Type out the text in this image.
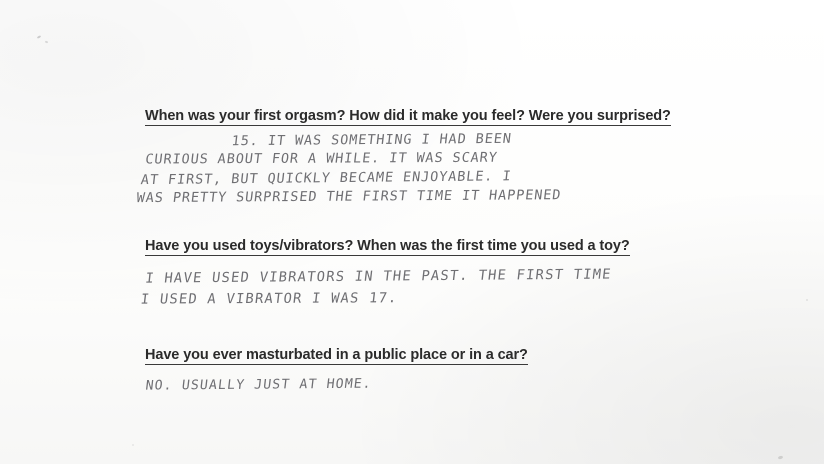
When was your first orgasm? How did it make you feel? Were you surprised?
15. IT WAS SOMETHING I HAD BEEN
CURIOUS ABOUT FOR A WHILE. IT WAS SCARY
AT FIRST, BUT QUICKLY BECAME ENJOYABLE. I
WAS PRETTY SURPRISED THE FIRST TIME IT HAPPENED
Have you used toys/vibrators? When was the first time you used a toy?
I HAVE USED VIBRATORS IN THE PAST. THE FIRST TIME
I USED A VIBRATOR I WAS 17.
Have you ever masturbated in a public place or in a car?
NO. USUALLY JUST AT HOME.
